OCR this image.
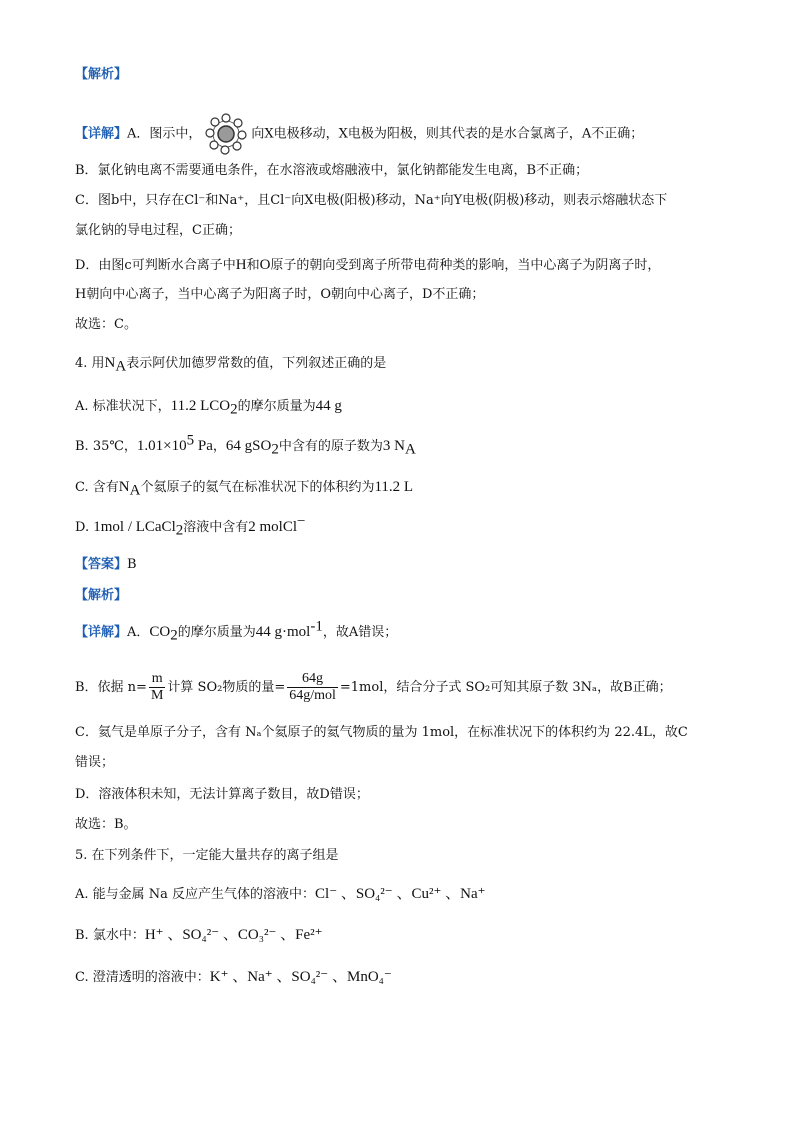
【解析】
【详解】A．图示中，	向X电极移动，X电极为阳极，则其代表的是水合氯离子，A不正确；
B．氯化钠电离不需要通电条件，在水溶液或熔融液中，氯化钠都能发生电离，B不正确；
C．图b中，只存在Cl⁻和Na⁺，且Cl⁻向X电极(阳极)移动，Na⁺向Y电极(阴极)移动，则表示熔融状态下
氯化钠的导电过程，C正确；
D．由图c可判断水合离子中H和O原子的朝向受到离子所带电荷种类的影响，当中心离子为阴离子时，
H朝向中心离子，当中心离子为阳离子时，O朝向中心离子，D不正确；
故选：C。
4. 用$N_A$表示阿伏加德罗常数的值，下列叙述正确的是
A. 标准状况下，11.2 $LCO_2$的摩尔质量为44 g
B. 35℃，$1.01\times 10^5$ Pa，64 gSO$_2$中含有的原子数为3 $N_A$
C. 含有$N_A$个氦原子的氦气在标准状况下的体积约为11.2 L
D. 1mol / LCaCl$_2$溶液中含有2 molCl−
【答案】B
【解析】
【详解】A．$CO_2$的摩尔质量为44 g·mol$^{-1}$，故A错误；
B．依据 $n= \frac{m}{M}$ 计算 SO₂物质的量= $\frac{64g}{\text{64g/mol}} =1mol$，结合分子式 SO₂可知其原子数 3Nₐ，故B正确；
C．氦气是单原子分子，含有 Nₐ个氦原子的氦气物质的量为 1mol，在标准状况下的体积约为 22.4L，故C
错误；
D．溶液体积未知，无法计算离子数目，故D错误；
故选：B。
5. 在下列条件下，一定能大量共存的离子组是
A. 能与金属 Na 反应产生气体的溶液中：Cl⁻ 、SO₄²⁻ 、Cu²⁺ 、Na⁺
B. 氯水中：H⁺ 、SO₄²⁻ 、CO₃²⁻ 、Fe²⁺
C. 澄清透明的溶液中：K⁺ 、Na⁺ 、SO₄²⁻ 、MnO₄⁻
